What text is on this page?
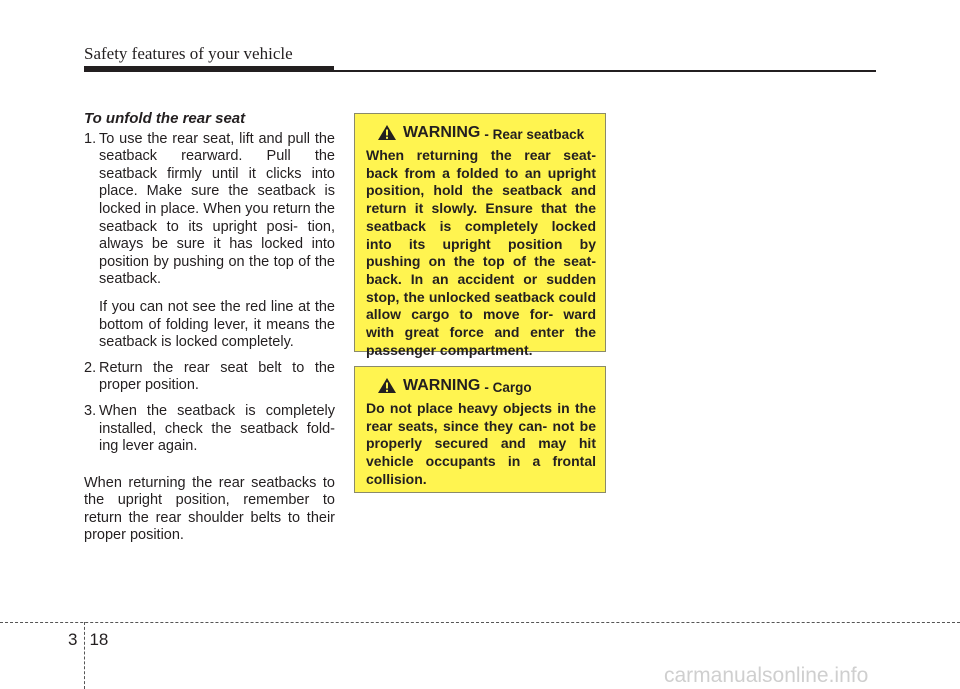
Safety features of your vehicle
To unfold the rear seat
1. To use the rear seat, lift and pull the seatback rearward. Pull the seatback firmly until it clicks into place. Make sure the seatback is locked in place. When you return the seatback to its upright posi- tion, always be sure it has locked into position by pushing on the top of the seatback.

If you can not see the red line at the bottom of folding lever, it means the seatback is locked completely.

2. Return the rear seat belt to the proper position.
3. When the seatback is completely installed, check the seatback fold- ing lever again.

When returning the rear seatbacks to the upright position, remember to return the rear shoulder belts to their proper position.

WARNING - Rear seatback

When returning the rear seat- back from a folded to an upright position, hold the seatback and return it slowly. Ensure that the seatback is completely locked into its upright position by pushing on the top of the seat- back. In an accident or sudden stop, the unlocked seatback could allow cargo to move for- ward with great force and enter the passenger compartment.

WARNING - Cargo

Do not place heavy objects in the rear seats, since they can- not be properly secured and may hit vehicle occupants in a frontal collision.

3 18
carmanualsonline.info
